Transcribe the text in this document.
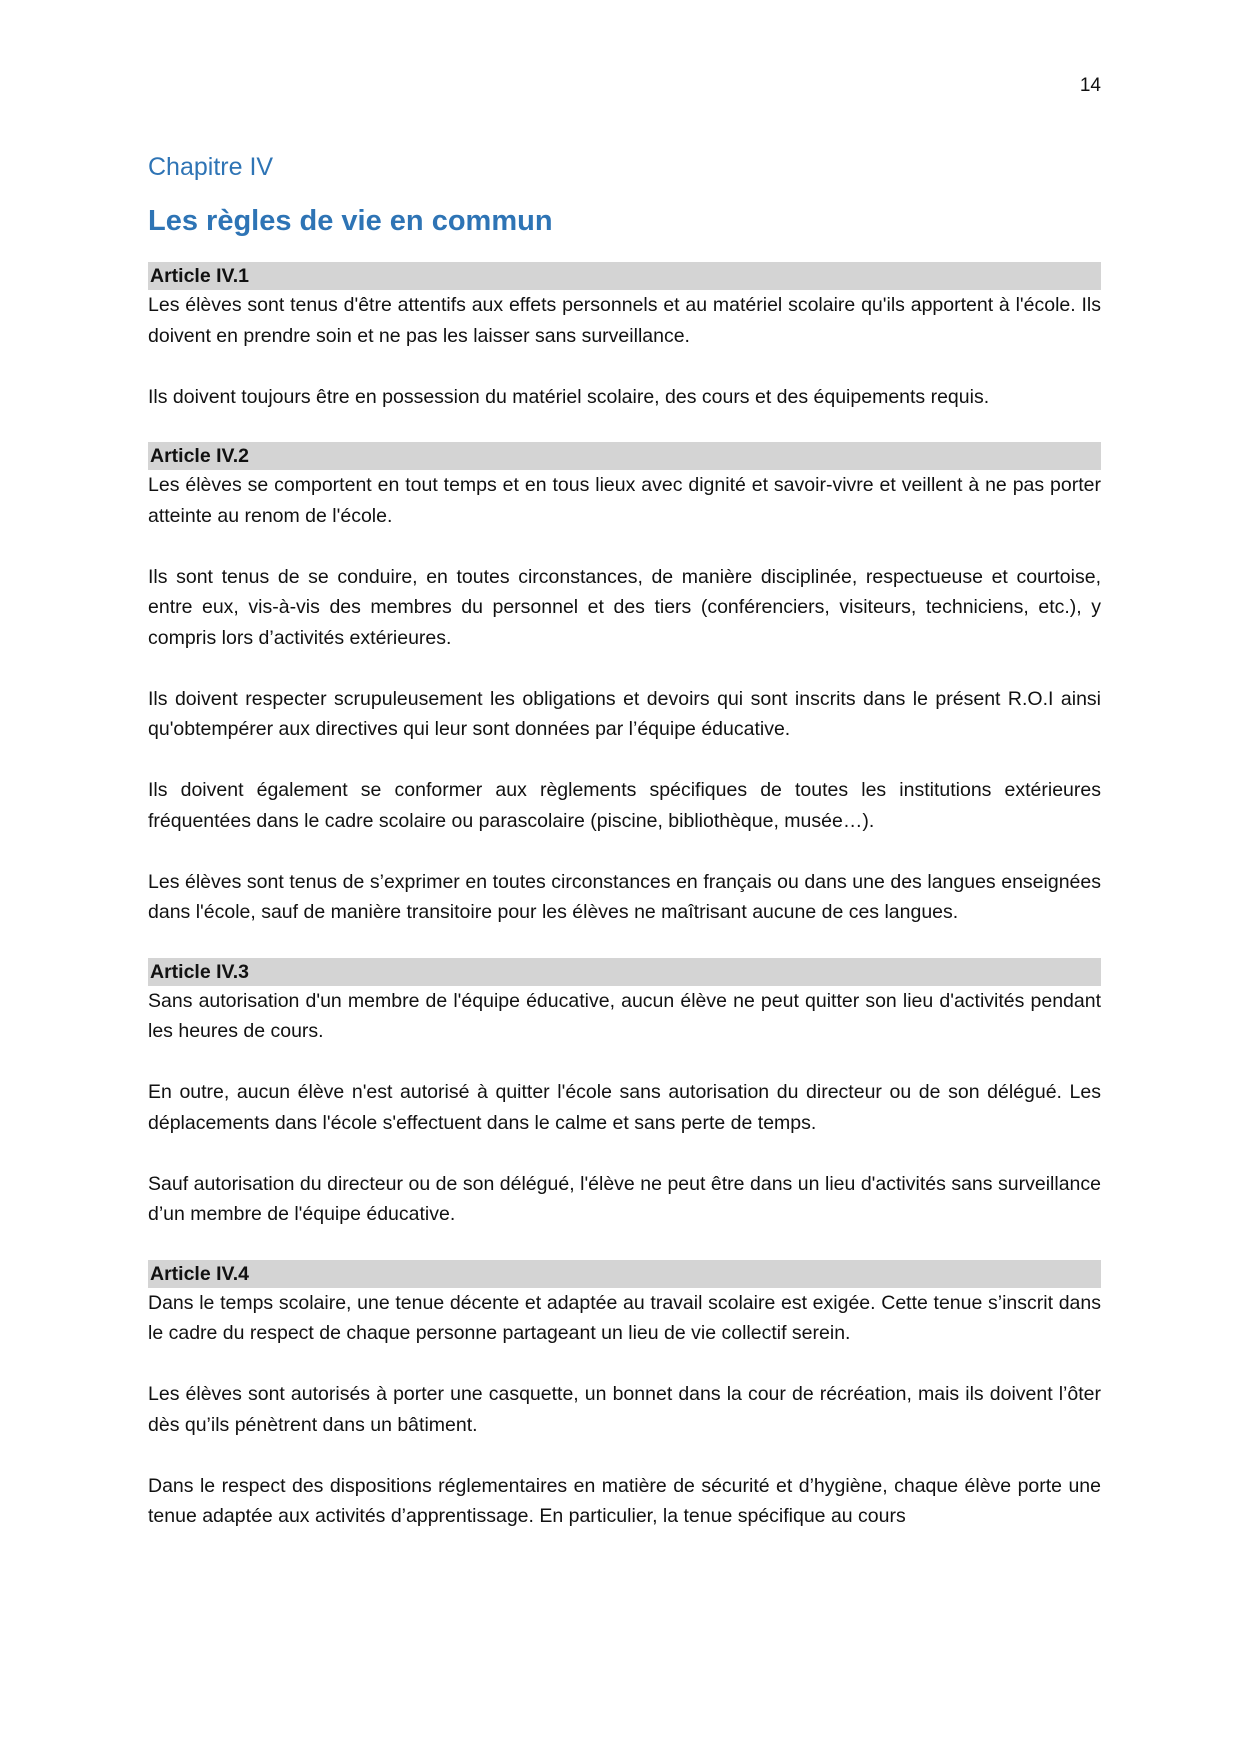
14
Chapitre IV
Les règles de vie en commun
Article IV.1

Les élèves sont tenus d'être attentifs aux effets personnels et au matériel scolaire qu'ils apportent à l'école. Ils doivent en prendre soin et ne pas les laisser sans surveillance.

Ils doivent toujours être en possession du matériel scolaire, des cours et des équipements requis.

Article IV.2

Les élèves se comportent en tout temps et en tous lieux avec dignité et savoir-vivre et veillent à ne pas porter atteinte au renom de l'école.

Ils sont tenus de se conduire, en toutes circonstances, de manière disciplinée, respectueuse et courtoise, entre eux, vis-à-vis des membres du personnel et des tiers (conférenciers, visiteurs, techniciens, etc.), y compris lors d’activités extérieures.

Ils doivent respecter scrupuleusement les obligations et devoirs qui sont inscrits dans le présent R.O.I ainsi qu'obtempérer aux directives qui leur sont données par l’équipe éducative.

Ils doivent également se conformer aux règlements spécifiques de toutes les institutions extérieures fréquentées dans le cadre scolaire ou parascolaire (piscine, bibliothèque, musée…).

Les élèves sont tenus de s’exprimer en toutes circonstances en français ou dans une des langues enseignées dans l'école, sauf de manière transitoire pour les élèves ne maîtrisant aucune de ces langues.

Article IV.3

Sans autorisation d'un membre de l'équipe éducative, aucun élève ne peut quitter son lieu d'activités pendant les heures de cours.

En outre, aucun élève n'est autorisé à quitter l'école sans autorisation du directeur ou de son délégué. Les déplacements dans l'école s'effectuent dans le calme et sans perte de temps.

Sauf autorisation du directeur ou de son délégué, l'élève ne peut être dans un lieu d'activités sans surveillance d’un membre de l'équipe éducative.

Article IV.4

Dans le temps scolaire, une tenue décente et adaptée au travail scolaire est exigée. Cette tenue s’inscrit dans le cadre du respect de chaque personne partageant un lieu de vie collectif serein.

Les élèves sont autorisés à porter une casquette, un bonnet dans la cour de récréation, mais ils doivent l’ôter dès qu’ils pénètrent dans un bâtiment.

Dans le respect des dispositions réglementaires en matière de sécurité et d’hygiène, chaque élève porte une tenue adaptée aux activités d’apprentissage. En particulier, la tenue spécifique au cours
